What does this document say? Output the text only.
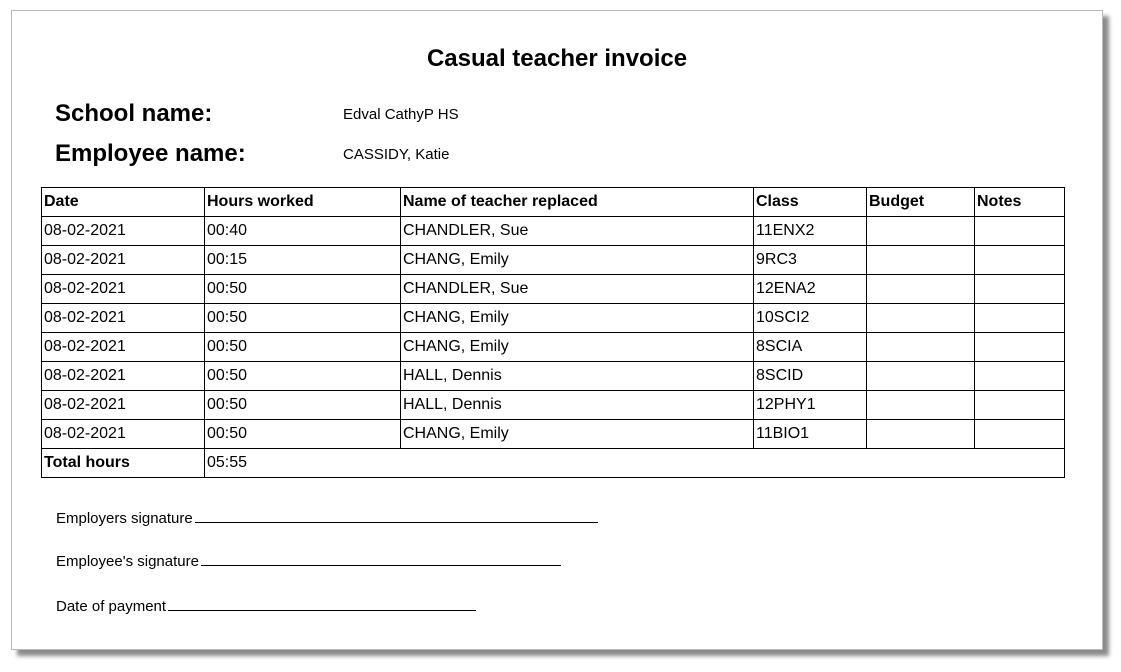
Casual teacher invoice
School name:	Edval CathyP HS
Employee name:	CASSIDY, Katie
Date	Hours worked	Name of teacher replaced	Class	Budget	Notes
08-02-2021	00:40	CHANDLER, Sue	11ENX2		
08-02-2021	00:15	CHANG, Emily	9RC3		
08-02-2021	00:50	CHANDLER, Sue	12ENA2		
08-02-2021	00:50	CHANG, Emily	10SCI2		
08-02-2021	00:50	CHANG, Emily	8SCIA		
08-02-2021	00:50	HALL, Dennis	8SCID		
08-02-2021	00:50	HALL, Dennis	12PHY1		
08-02-2021	00:50	CHANG, Emily	11BIO1		
Total hours	05:55				
Employers signature
Employee's signature
Date of payment
